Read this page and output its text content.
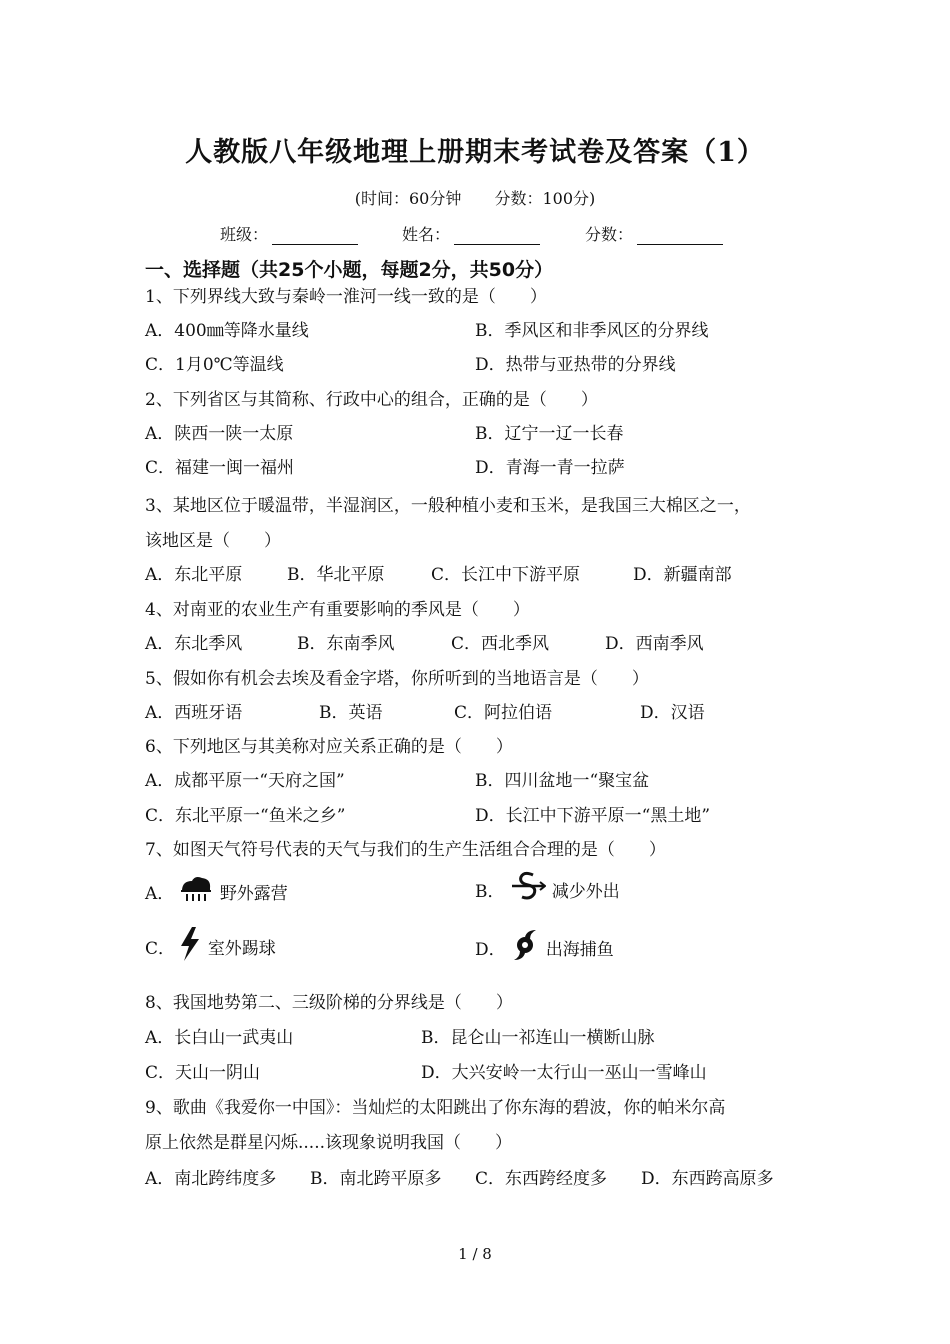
人教版八年级地理上册期末考试卷及答案（1）
(时间：60分钟 分数：100分)
班级：	姓名：	分数：
一、选择题（共25个小题，每题2分，共50分）
1、下列界线大致与秦岭一淮河一线一致的是（　　）
A．400㎜等降水量线	B．季风区和非季风区的分界线
C．1月0℃等温线	D．热带与亚热带的分界线
2、下列省区与其简称、行政中心的组合，正确的是（　　）
A．陕西一陕一太原	B．辽宁一辽一长春
C．福建一闽一福州	D．青海一青一拉萨
3、某地区位于暖温带，半湿润区，一般种植小麦和玉米，是我国三大棉区之一，
该地区是（　　）
A．东北平原	B．华北平原	C．长江中下游平原	D．新疆南部
4、对南亚的农业生产有重要影响的季风是（　　）
A．东北季风	B．东南季风	C．西北季风	D．西南季风
5、假如你有机会去埃及看金字塔，你所听到的当地语言是（　　）
A．西班牙语	B．英语	C．阿拉伯语	D．汉语
6、下列地区与其美称对应关系正确的是（　　）
A．成都平原一“天府之国”	B．四川盆地一“聚宝盆
C．东北平原一“鱼米之乡”	D．长江中下游平原一“黑土地”
7、如图天气符号代表的天气与我们的生产生活组合合理的是（　　）
A．	野外露营	B．	减少外出
C． 室外踢球	D． 出海捕鱼
8、我国地势第二、三级阶梯的分界线是（　　）
A．长白山一武夷山	B．昆仑山一祁连山一横断山脉
C．天山一阴山	D．大兴安岭一太行山一巫山一雪峰山
9、歌曲《我爱你一中国》：当灿烂的太阳跳出了你东海的碧波，你的帕米尔高
原上依然是群星闪烁.....该现象说明我国（　　）
A．南北跨纬度多 B．南北跨平原多 C．东西跨经度多 D．东西跨高原多
1 / 8
